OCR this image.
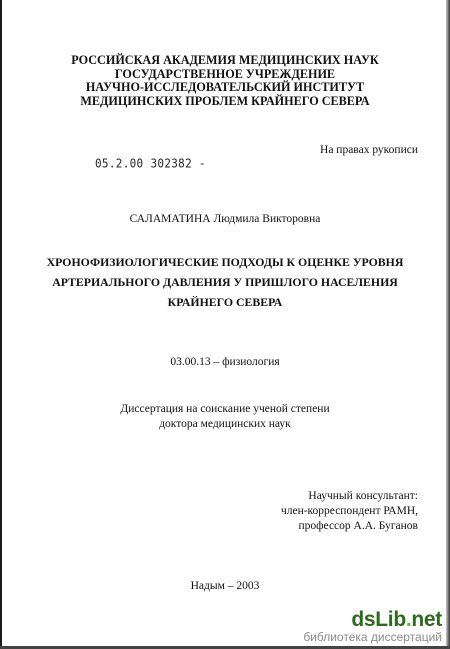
РОССИЙСКАЯ АКАДЕМИЯ МЕДИЦИНСКИХ НАУК
ГОСУДАРСТВЕННОЕ УЧРЕЖДЕНИЕ
НАУЧНО-ИССЛЕДОВАТЕЛЬСКИЙ ИНСТИТУТ
МЕДИЦИНСКИХ ПРОБЛЕМ КРАЙНЕГО СЕВЕРА
На правах рукописи
05.2.00 302382 -
САЛАМАТИНА Людмила Викторовна
ХРОНОФИЗИОЛОГИЧЕСКИЕ ПОДХОДЫ К ОЦЕНКЕ УРОВНЯ
АРТЕРИАЛЬНОГО ДАВЛЕНИЯ У ПРИШЛОГО НАСЕЛЕНИЯ
КРАЙНЕГО СЕВЕРА
03.00.13 – физиология
Диссертация на соискание ученой степени
доктора медицинских наук
Научный консультант:
член-корреспондент РАМН,
профессор А.А. Буганов
Надым – 2003
dsLib.net
библиотека диссертаций
